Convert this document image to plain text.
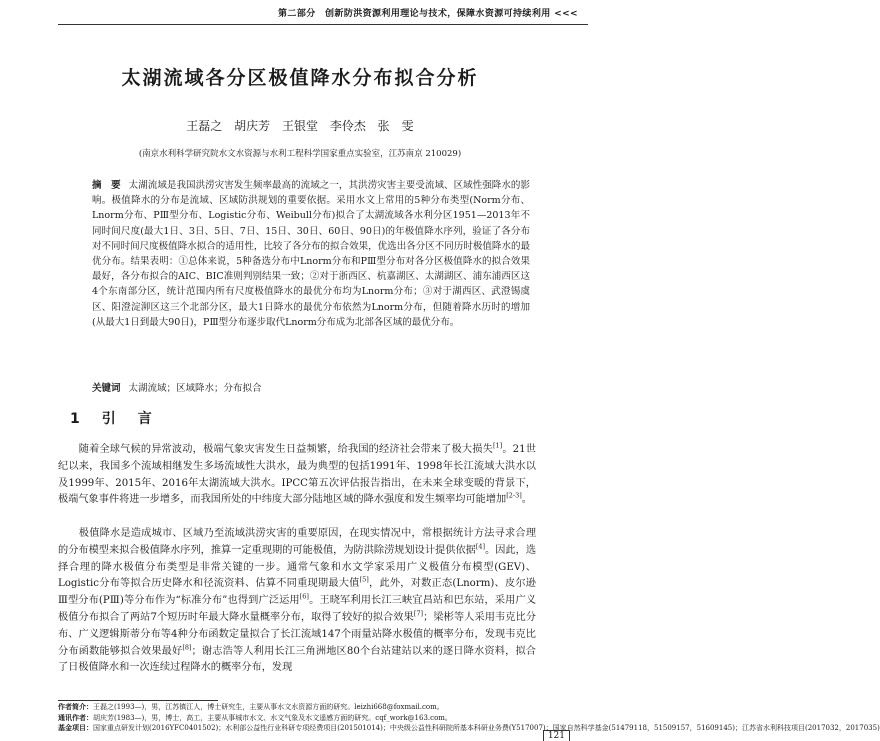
第二部分　创新防洪资源利用理论与技术，保障水资源可持续利用 <<<
太湖流域各分区极值降水分布拟合分析
王磊之 胡庆芳 王银堂 李伶杰 张　雯
(南京水利科学研究院水文水资源与水利工程科学国家重点实验室，江苏南京 210029)

摘　要 太湖流域是我国洪涝灾害发生频率最高的流域之一，其洪涝灾害主要受流域、区域性强降水的影响。极值降水的分布是流域、区域防洪规划的重要依据。采用水文上常用的5种分布类型(Norm分布、Lnorm分布、PⅢ型分布、Logistic分布、Weibull分布)拟合了太湖流域各水利分区1951—2013年不同时间尺度(最大1日、3日、5日、7日、15日、30日、60日、90日)的年极值降水序列，验证了各分布对不同时间尺度极值降水拟合的适用性，比较了各分布的拟合效果，优选出各分区不同历时极值降水的最优分布。结果表明：①总体来说，5种备选分布中Lnorm分布和PⅢ型分布对各分区极值降水的拟合效果最好，各分布拟合的AIC、BIC准则判别结果一致；②对于浙西区、杭嘉湖区、太湖湖区、浦东浦西区这4个东南部分区，统计范围内所有尺度极值降水的最优分布均为Lnorm分布；③对于湖西区、武澄锡虞区、阳澄淀泖区这三个北部分区，最大1日降水的最优分布依然为Lnorm分布，但随着降水历时的增加(从最大1日到最大90日)，PⅢ型分布逐步取代Lnorm分布成为北部各区域的最优分布。

关键词 太湖流域；区域降水；分布拟合

1　 引　言

　　随着全球气候的异常波动，极端气象灾害发生日益频繁，给我国的经济社会带来了极大损失[1]。21世纪以来，我国多个流域相继发生多场流域性大洪水，最为典型的包括1991年、1998年长江流域大洪水以及1999年、2015年、2016年太湖流域大洪水。IPCC第五次评估报告指出，在未来全球变暖的背景下，极端气象事件将进一步增多，而我国所处的中纬度大部分陆地区域的降水强度和发生频率均可能增加[2-3]。

　　极值降水是造成城市、区域乃至流域洪涝灾害的重要原因，在现实情况中，常根据统计方法寻求合理的分布模型来拟合极值降水序列，推算一定重现期的可能极值，为防洪除涝规划设计提供依据[4]。因此，选择合理的降水极值分布类型是非常关键的一步。通常气象和水文学家采用广义极值分布模型(GEV)、Logistic分布等拟合历史降水和径流资料、估算不同重现期最大值[5]，此外，对数正态(Lnorm)、皮尔逊Ⅲ型分布(PⅢ)等分布作为“标准分布”也得到广泛运用[6]。王晓军利用长江三峡宜昌站和巴东站，采用广义极值分布拟合了两站7个短历时年最大降水量概率分布，取得了较好的拟合效果[7]；梁彬等人采用韦克比分布、广义逻辑斯蒂分布等4种分布函数定量拟合了长江流域147个雨量站降水极值的概率分布，发现韦克比分布函数能够拟合效果最好[8]；谢志浩等人利用长江三角洲地区80个台站建站以来的逐日降水资料，拟合了日极值降水和一次连续过程降水的概率分布，发现

作者简介：王磊之(1993—)，男，江苏镇江人，博士研究生，主要从事水文水资源方面的研究。leizhi668@foxmail.com。
通讯作者：胡庆芳(1983—)，男，博士，高工，主要从事城市水文、水文气象及水文遥感方面的研究。cqf_work@163.com。
基金项目：国家重点研发计划(2016YFC0401502)；水利部公益性行业科研专项经费项目(201501014)；中央级公益性科研院所基本科研业务费(Y517007)；国家自然科学基金(51479118，51509157，51609145)；江苏省水利科技项目(2017032，2017035)
121
